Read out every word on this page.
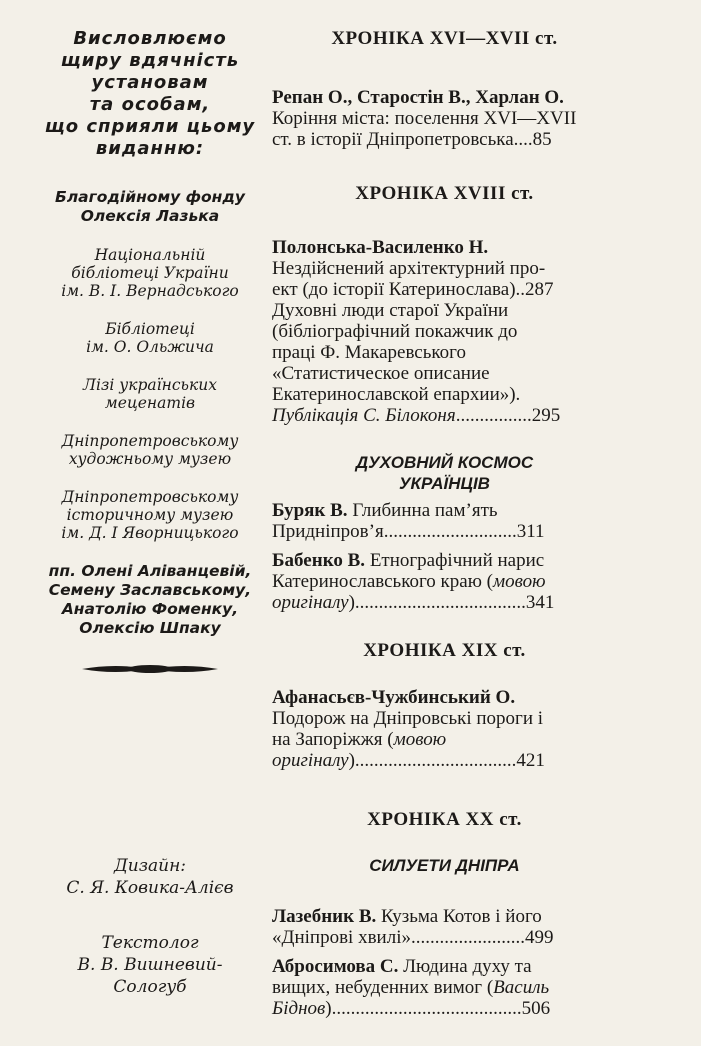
Висловлюємо
щиру вдячність
установам
та особам,
що сприяли цьому
виданню:

Благодійному фонду
Олексія Лазька

Національній
бібліотеці України
ім. В. І. Вернадського

Бібліотеці
ім. О. Ольжича

Лізі українських
меценатів

Дніпропетровському
художньому музею

Дніпропетровському
історичному музею
ім. Д. І Яворницького

пп. Олені Аліванцевій,
Семену Заславському,
Анатолію Фоменку,
Олексію Шпаку

Дизайн:
С. Я. Ковика-Алієв
Текстолог
В. В. Вишневий-
Сологуб

ХРОНІКА XVI—XVII ст.

Репан О., Старостін В., Харлан О.
Коріння міста: поселення XVI—XVII
ст. в історії Дніпропетровська....85

ХРОНІКА XVIII ст.

Полонська-Василенко Н.
Нездійснений архітектурний про-
ект (до історії Катеринослава)..287
Духовні люди старої України
(бібліографічний покажчик до
праці Ф. Макаревського
«Статистическое описание
Екатеринославской епархии»).
Публікація С. Білоконя................295

ДУХОВНИЙ КОСМОС
УКРАЇНЦІВ

Буряк В. Глибинна пам’ять
Придніпров’я............................311
Бабенко В. Етнографічний нарис
Катеринославського краю (мовою
оригіналу)....................................341

ХРОНІКА XIX ст.

Афанасьєв-Чужбинський О.
Подорож на Дніпровські пороги і
на Запоріжжя (мовою
оригіналу)..................................421

ХРОНІКА XX ст.

СИЛУЕТИ ДНІПРА

Лазебник В. Кузьма Котов і його
«Дніпрові хвилі»........................499
Абросимова С. Людина духу та
вищих, небуденних вимог (Василь
Біднов)........................................506
